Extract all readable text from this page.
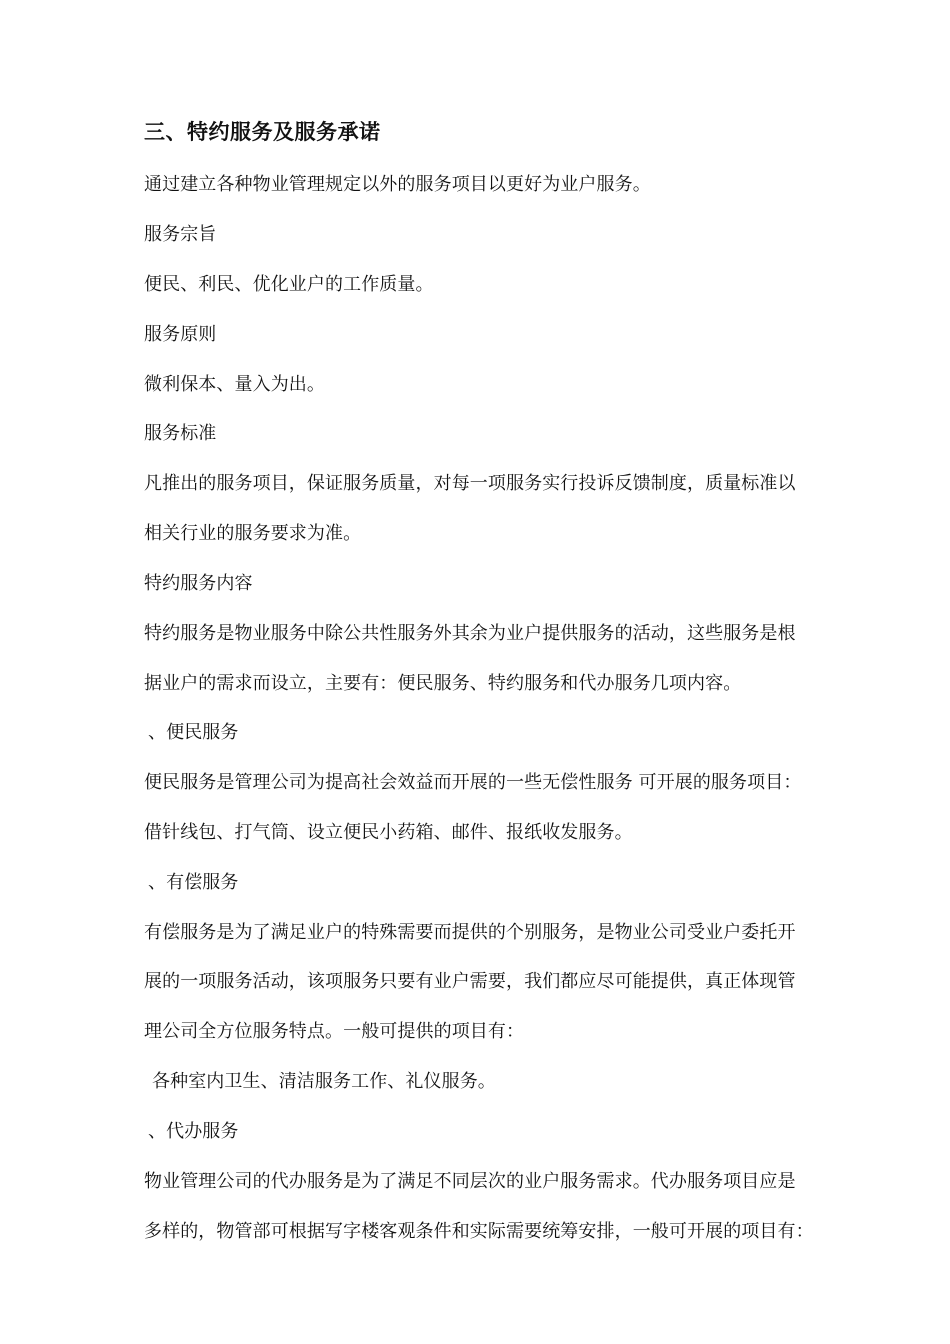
三、特约服务及服务承诺
通过建立各种物业管理规定以外的服务项目以更好为业户服务。
服务宗旨
便民、利民、优化业户的工作质量。
服务原则
微利保本、量入为出。
服务标准
凡推出的服务项目，保证服务质量，对每一项服务实行投诉反馈制度，质量标准以
相关行业的服务要求为准。
特约服务内容
特约服务是物业服务中除公共性服务外其余为业户提供服务的活动，这些服务是根
据业户的需求而设立，主要有：便民服务、特约服务和代办服务几项内容。
、便民服务
便民服务是管理公司为提高社会效益而开展的一些无偿性服务 可开展的服务项目：
借针线包、打气筒、设立便民小药箱、邮件、报纸收发服务。
、有偿服务
有偿服务是为了满足业户的特殊需要而提供的个别服务，是物业公司受业户委托开
展的一项服务活动，该项服务只要有业户需要，我们都应尽可能提供，真正体现管
理公司全方位服务特点。一般可提供的项目有：
各种室内卫生、清洁服务工作、礼仪服务。
、代办服务
物业管理公司的代办服务是为了满足不同层次的业户服务需求。代办服务项目应是
多样的，物管部可根据写字楼客观条件和实际需要统筹安排，一般可开展的项目有：
